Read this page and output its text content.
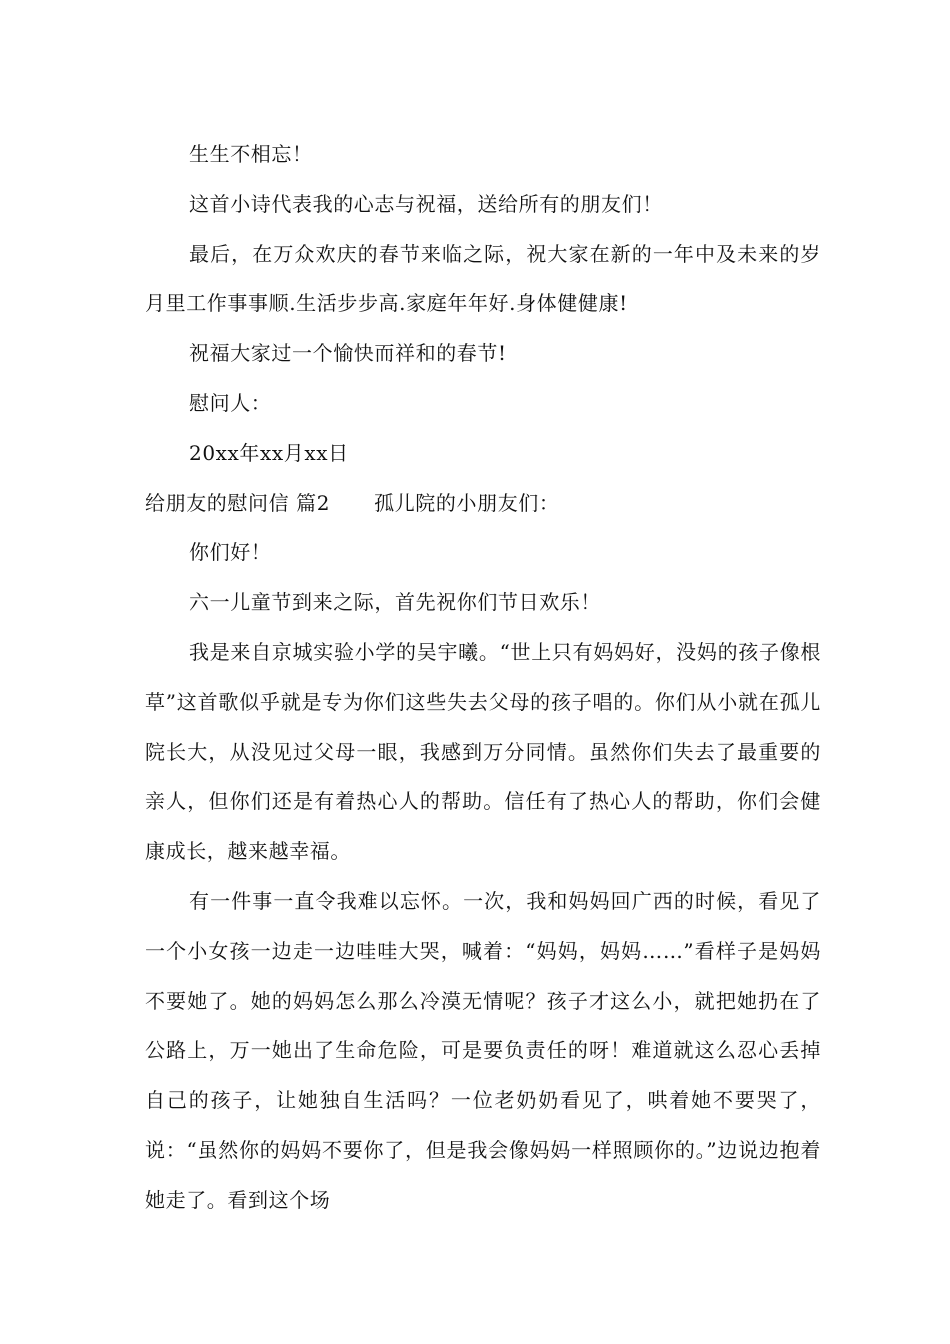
生生不相忘！

这首小诗代表我的心志与祝福，送给所有的朋友们！

最后，在万众欢庆的春节来临之际，祝大家在新的一年中及未来的岁月里工作事事顺.生活步步高.家庭年年好.身体健健康!

祝福大家过一个愉快而祥和的春节!

慰问人：

20xx年xx月xx日

给朋友的慰问信 篇2 孤儿院的小朋友们：

你们好！

六一儿童节到来之际，首先祝你们节日欢乐！

我是来自京城实验小学的吴宇曦。“世上只有妈妈好，没妈的孩子像根草”这首歌似乎就是专为你们这些失去父母的孩子唱的。你们从小就在孤儿院长大，从没见过父母一眼，我感到万分同情。虽然你们失去了最重要的亲人，但你们还是有着热心人的帮助。信任有了热心人的帮助，你们会健康成长，越来越幸福。

有一件事一直令我难以忘怀。一次，我和妈妈回广西的时候，看见了一个小女孩一边走一边哇哇大哭，喊着：“妈妈，妈妈……”看样子是妈妈不要她了。她的妈妈怎么那么冷漠无情呢？孩子才这么小，就把她扔在了公路上，万一她出了生命危险，可是要负责任的呀！难道就这么忍心丢掉自己的孩子，让她独自生活吗？一位老奶奶看见了，哄着她不要哭了，说：“虽然你的妈妈不要你了，但是我会像妈妈一样照顾你的。”边说边抱着她走了。看到这个场
